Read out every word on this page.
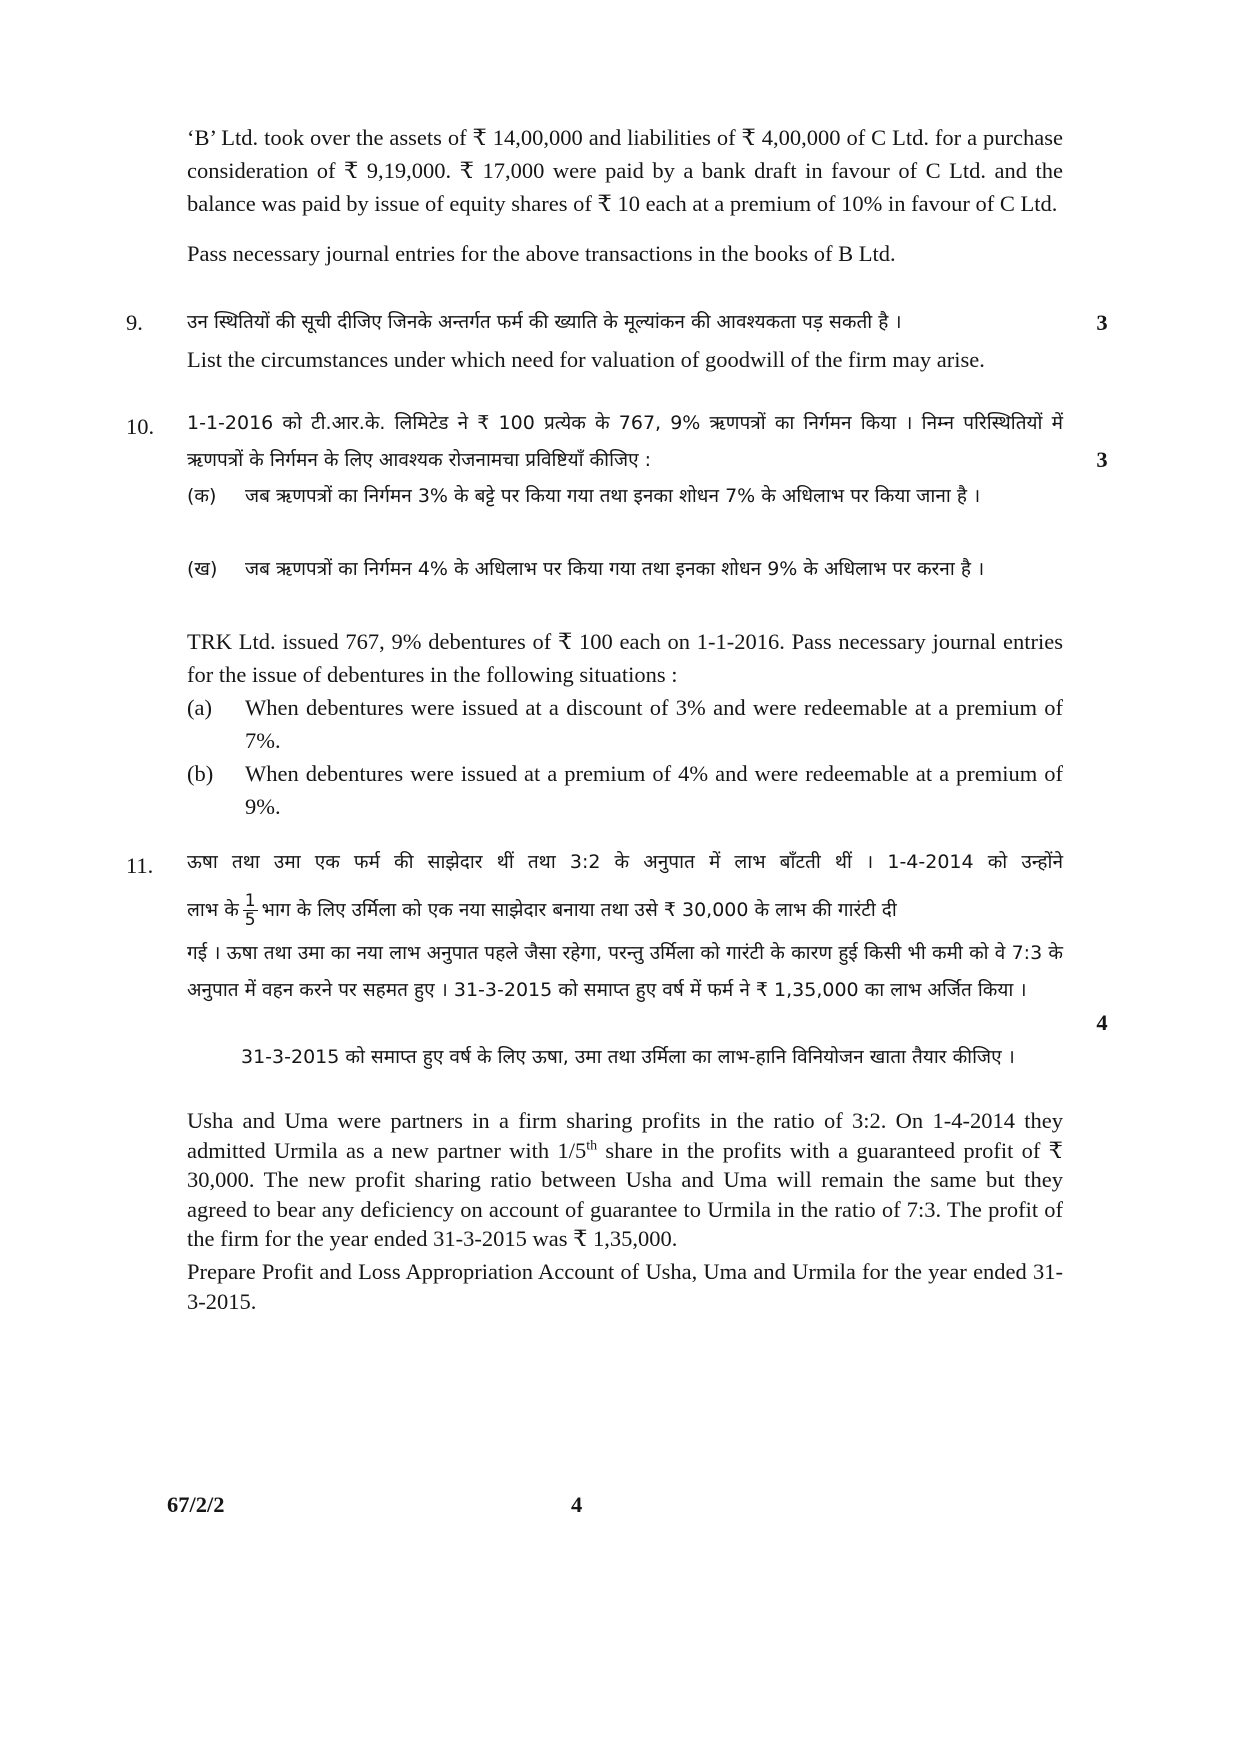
‘B’ Ltd. took over the assets of ₹ 14,00,000 and liabilities of ₹ 4,00,000 of C Ltd. for a purchase consideration of ₹ 9,19,000. ₹ 17,000 were paid by a bank draft in favour of C Ltd. and the balance was paid by issue of equity shares of ₹ 10 each at a premium of 10% in favour of C Ltd.
Pass necessary journal entries for the above transactions in the books of B Ltd.
9.	उन स्थितियों की सूची दीजिए जिनके अन्तर्गत फर्म की ख्याति के मूल्यांकन की आवश्यकता पड़ सकती है ।	3
List the circumstances under which need for valuation of goodwill of the firm may arise.
10.	1-1-2016 को टी.आर.के. लिमिटेड ने ₹ 100 प्रत्येक के 767, 9% ऋणपत्रों का निर्गमन किया । निम्न परिस्थितियों में ऋणपत्रों के निर्गमन के लिए आवश्यक रोजनामचा प्रविष्टियाँ कीजिए :	3
(क)	जब ऋणपत्रों का निर्गमन 3% के बट्टे पर किया गया तथा इनका शोधन 7% के अधिलाभ पर किया जाना है ।
(ख)	जब ऋणपत्रों का निर्गमन 4% के अधिलाभ पर किया गया तथा इनका शोधन 9% के अधिलाभ पर करना है ।
TRK Ltd. issued 767, 9% debentures of ₹ 100 each on 1-1-2016. Pass necessary journal entries for the issue of debentures in the following situations :
(a)	When debentures were issued at a discount of 3% and were redeemable at a premium of 7%.
(b)	When debentures were issued at a premium of 4% and were redeemable at a premium of 9%.
11.	ऊषा तथा उमा एक फर्म की साझेदार थीं तथा 3:2 के अनुपात में लाभ बाँटती थीं । 1-4-2014 को उन्होंने
लाभ के $\frac{1}{5}$ भाग के लिए उर्मिला को एक नया साझेदार बनाया तथा उसे ₹ 30,000 के लाभ की गारंटी दी
गई । ऊषा तथा उमा का नया लाभ अनुपात पहले जैसा रहेगा, परन्तु उर्मिला को गारंटी के कारण हुई किसी भी कमी को वे 7:3 के अनुपात में वहन करने पर सहमत हुए । 31-3-2015 को समाप्त हुए वर्ष में फर्म ने ₹ 1,35,000 का लाभ अर्जित किया ।
4
31-3-2015 को समाप्त हुए वर्ष के लिए ऊषा, उमा तथा उर्मिला का लाभ-हानि विनियोजन खाता तैयार कीजिए ।
Usha and Uma were partners in a firm sharing profits in the ratio of 3:2. On 1-4-2014 they admitted Urmila as a new partner with 1/5th share in the profits with a guaranteed profit of ₹ 30,000. The new profit sharing ratio between Usha and Uma will remain the same but they agreed to bear any deficiency on account of guarantee to Urmila in the ratio of 7:3. The profit of the firm for the year ended 31-3-2015 was ₹ 1,35,000.
Prepare Profit and Loss Appropriation Account of Usha, Uma and Urmila for the year ended 31-3-2015.
67/2/2	4
